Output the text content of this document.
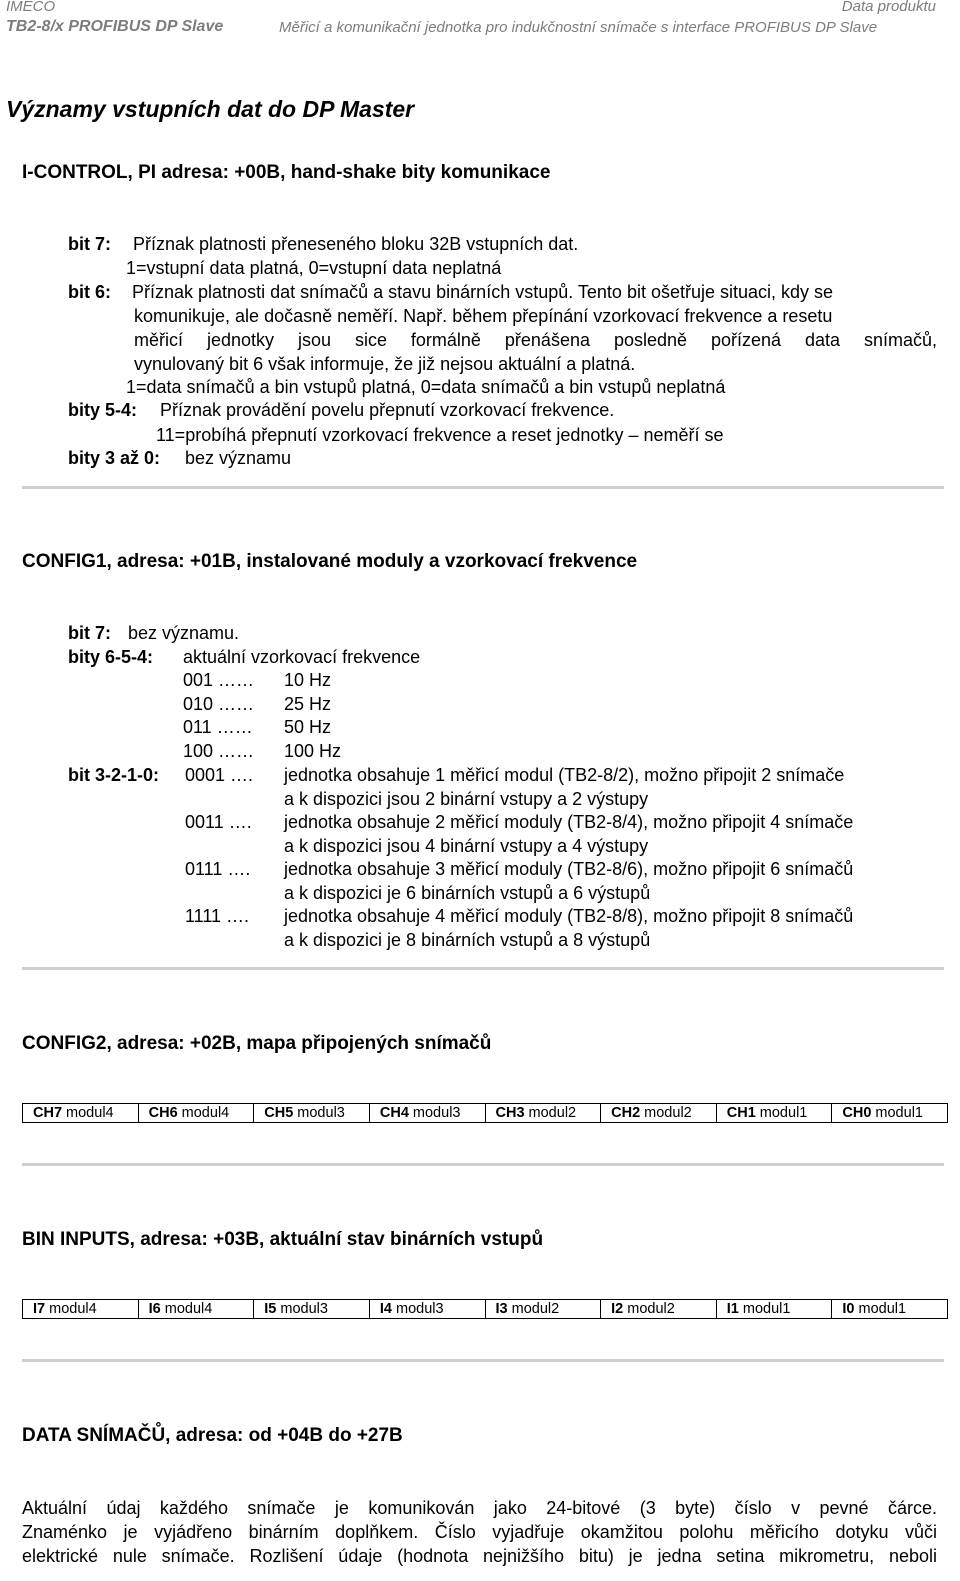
IMECO	Data produktu
TB2-8/x PROFIBUS DP Slave	Měřicí a komunikační jednotka pro indukčnostní snímače s interface PROFIBUS DP Slave
Významy vstupních dat do DP Master
I-CONTROL, PI adresa: +00B, hand-shake bity komunikace
bit 7: Příznak platnosti přeneseného bloku 32B vstupních dat.
1=vstupní data platná, 0=vstupní data neplatná
bit 6: Příznak platnosti dat snímačů a stavu binárních vstupů. Tento bit ošetřuje situaci, kdy se
komunikuje, ale dočasně neměří. Např. během přepínání vzorkovací frekvence a resetu
měřicí jednotky jsou sice formálně přenášena posledně pořízená data snímačů,
vynulovaný bit 6 však informuje, že již nejsou aktuální a platná.
1=data snímačů a bin vstupů platná, 0=data snímačů a bin vstupů neplatná
bity 5-4: Příznak provádění povelu přepnutí vzorkovací frekvence.
11=probíhá přepnutí vzorkovací frekvence a reset jednotky – neměří se
bity 3 až 0: bez významu
CONFIG1, adresa: +01B, instalované moduly a vzorkovací frekvence
bit 7: bez významu.
bity 6-5-4: aktuální vzorkovací frekvence
001 …… 10 Hz
010 …… 25 Hz
011 …… 50 Hz
100 …… 100 Hz
bit 3-2-1-0: 0001 …. jednotka obsahuje 1 měřicí modul (TB2-8/2), možno připojit 2 snímače
a k dispozici jsou 2 binární vstupy a 2 výstupy
0011 …. jednotka obsahuje 2 měřicí moduly (TB2-8/4), možno připojit 4 snímače
a k dispozici jsou 4 binární vstupy a 4 výstupy
0111 …. jednotka obsahuje 3 měřicí moduly (TB2-8/6), možno připojit 6 snímačů
a k dispozici je 6 binárních vstupů a 6 výstupů
1111 …. jednotka obsahuje 4 měřicí moduly (TB2-8/8), možno připojit 8 snímačů
a k dispozici je 8 binárních vstupů a 8 výstupů
CONFIG2, adresa: +02B, mapa připojených snímačů
CH7 modul4	CH6 modul4	CH5 modul3	CH4 modul3	CH3 modul2	CH2 modul2	CH1 modul1	CH0 modul1
BIN INPUTS, adresa: +03B, aktuální stav binárních vstupů
I7 modul4	I6 modul4	I5 modul3	I4 modul3	I3 modul2	I2 modul2	I1 modul1	I0 modul1
DATA SNÍMAČŮ, adresa: od +04B do +27B
Aktuální údaj každého snímače je komunikován jako 24-bitové (3 byte) číslo v pevné čárce.
Znaménko je vyjádřeno binárním doplňkem. Číslo vyjadřuje okamžitou polohu měřicího dotyku vůči
elektrické nule snímače. Rozlišení údaje (hodnota nejnižšího bitu) je jedna setina mikrometru, neboli
